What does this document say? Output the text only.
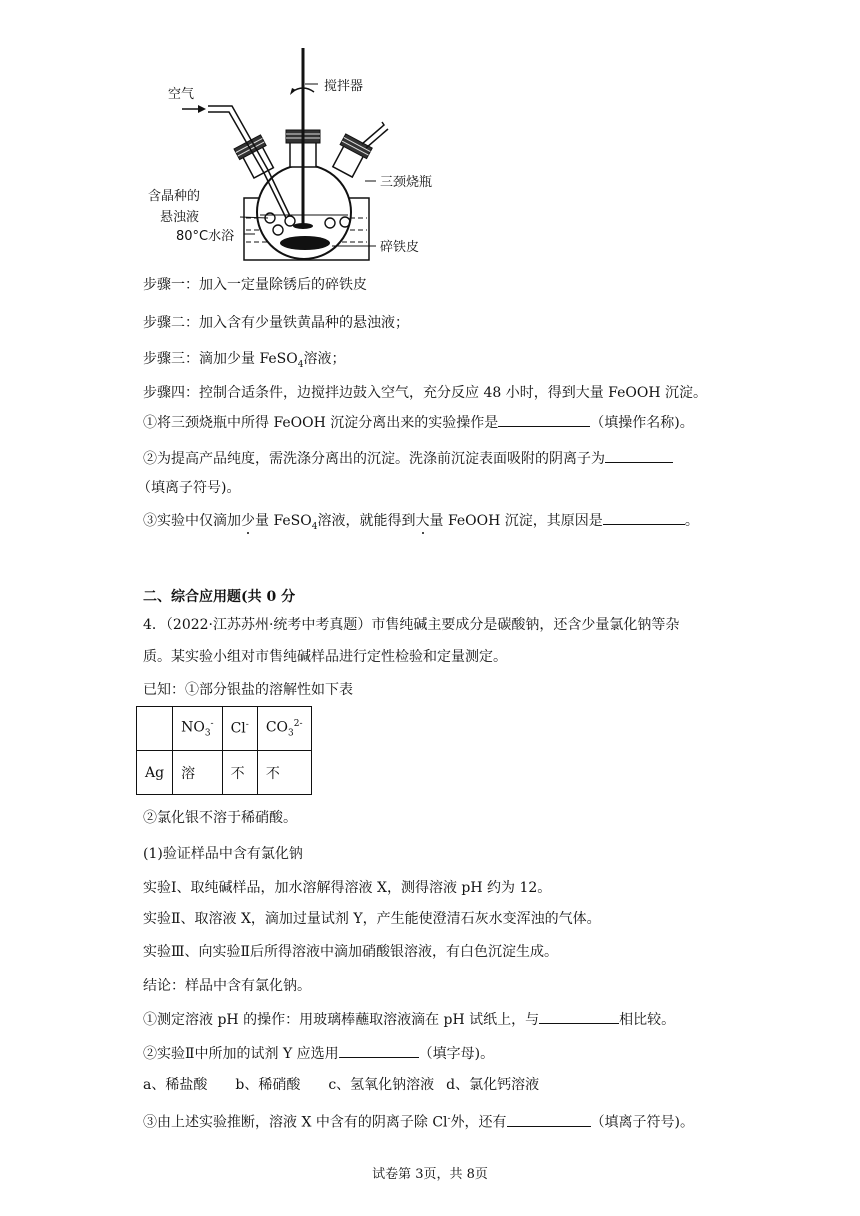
空气
搅拌器
三颈烧瓶
含晶种的
悬浊液
80°C水浴
碎铁皮
步骤一：加入一定量除锈后的碎铁皮
步骤二：加入含有少量铁黄晶种的悬浊液；
步骤三：滴加少量 FeSO$_4$溶液；
步骤四：控制合适条件，边搅拌边鼓入空气，充分反应 48 小时，得到大量 FeOOH 沉淀。
①将三颈烧瓶中所得 FeOOH 沉淀分离出来的实验操作是	（填操作名称)。
②为提高产品纯度，需洗涤分离出的沉淀。洗涤前沉淀表面吸附的阴离子为
（填离子符号)。
③实验中仅滴加少量 FeSO$_4$溶液，就能得到大量 FeOOH 沉淀，其原因是	。
二、综合应用题(共 0 分
4．（2022·江苏苏州·统考中考真题）市售纯碱主要成分是碳酸钠，还含少量氯化钠等杂
质。某实验小组对市售纯碱样品进行定性检验和定量测定。
已知：①部分银盐的溶解性如下表
	$NO_3^-$	Cl-	$CO_3^{2-}$
Ag	溶	不	不
②氯化银不溶于稀硝酸。
(1)验证样品中含有氯化钠
实验Ⅰ、取纯碱样品，加水溶解得溶液 X，测得溶液 pH 约为 12。
实验Ⅱ、取溶液 X，滴加过量试剂 Y，产生能使澄清石灰水变浑浊的气体。
实验Ⅲ、向实验Ⅱ后所得溶液中滴加硝酸银溶液，有白色沉淀生成。
结论：样品中含有氯化钠。
①测定溶液 pH 的操作：用玻璃棒蘸取溶液滴在 pH 试纸上，与	相比较。
②实验Ⅱ中所加的试剂 Y 应选用	（填字母)。
a、稀盐酸 b、稀硝酸 c、氢氧化钠溶液 d、氯化钙溶液
③由上述实验推断，溶液 X 中含有的阴离子除 Cl-外，还有	（填离子符号)。
试卷第 3页，共 8页
